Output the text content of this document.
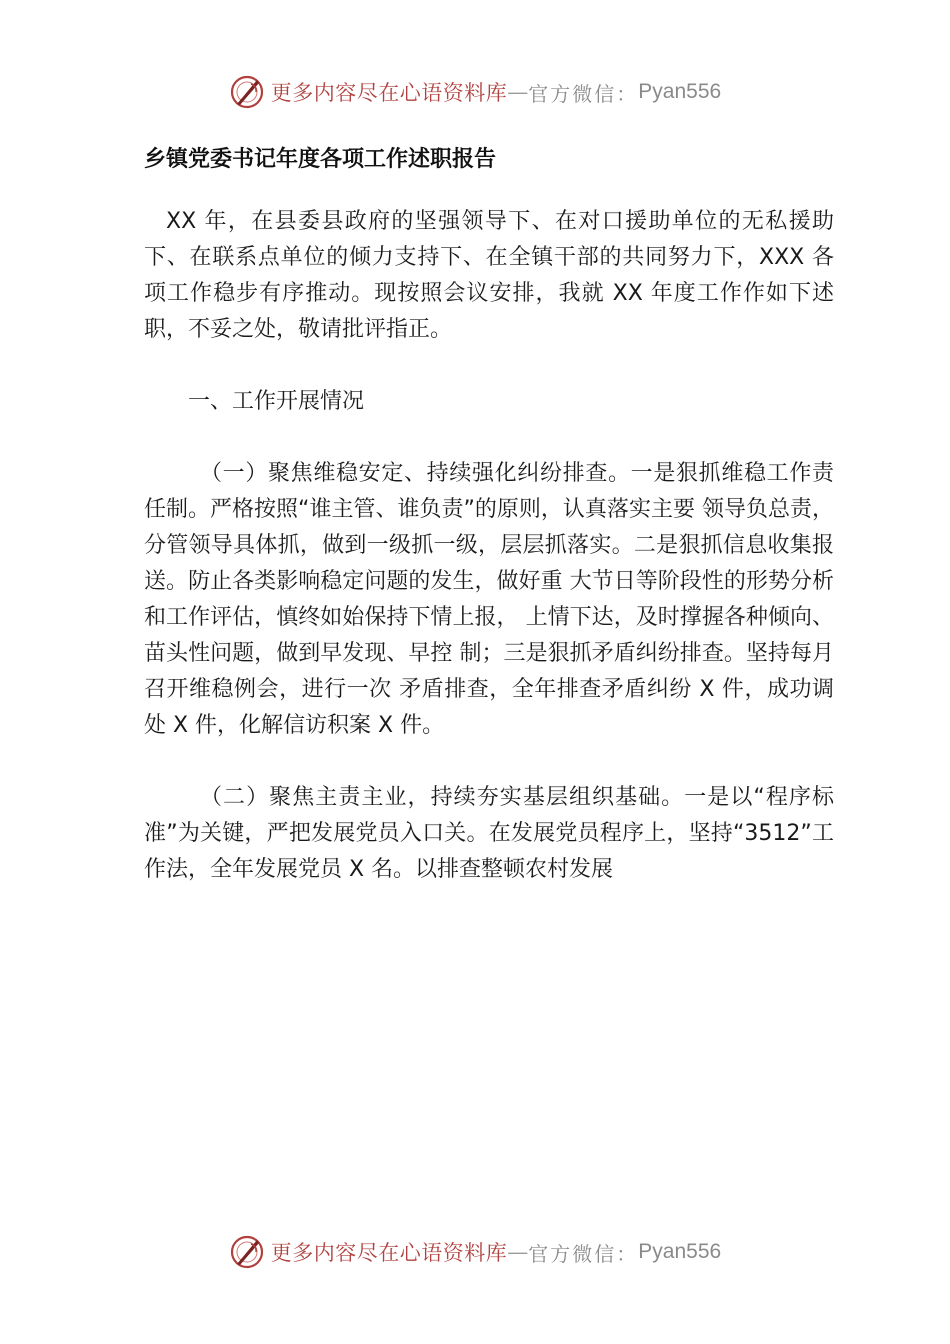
更多内容尽在心语资料库 — 官方微信： Pyan556
乡镇党委书记年度各项工作述职报告

XX 年，在县委县政府的坚强领导下、在对口援助单位的无私援助下、在联系点单位的倾力支持下、在全镇干部的共同努力下，XXX 各项工作稳步有序推动。现按照会议安排，我就 XX 年度工作作如下述职，不妥之处，敬请批评指正。

一、工作开展情况

（一）聚焦维稳安定、持续强化纠纷排查。一是狠抓维稳工作责任制。严格按照“谁主管、谁负责”的原则，认真落实主要 领导负总责，分管领导具体抓，做到一级抓一级，层层抓落实。二是狠抓信息收集报送。防止各类影响稳定问题的发生，做好重 大节日等阶段性的形势分析和工作评估，慎终如始保持下情上报， 上情下达，及时撑握各种倾向、苗头性问题，做到早发现、早控 制；三是狠抓矛盾纠纷排查。坚持每月召开维稳例会，进行一次 矛盾排查，全年排查矛盾纠纷 X 件，成功调处 X 件，化解信访积案 X 件。

（二）聚焦主责主业，持续夯实基层组织基础。一是以“程序标准”为关键，严把发展党员入口关。在发展党员程序上，坚持“3512”工作法，全年发展党员 X 名。以排查整顿农村发展

更多内容尽在心语资料库 — 官方微信： Pyan556
